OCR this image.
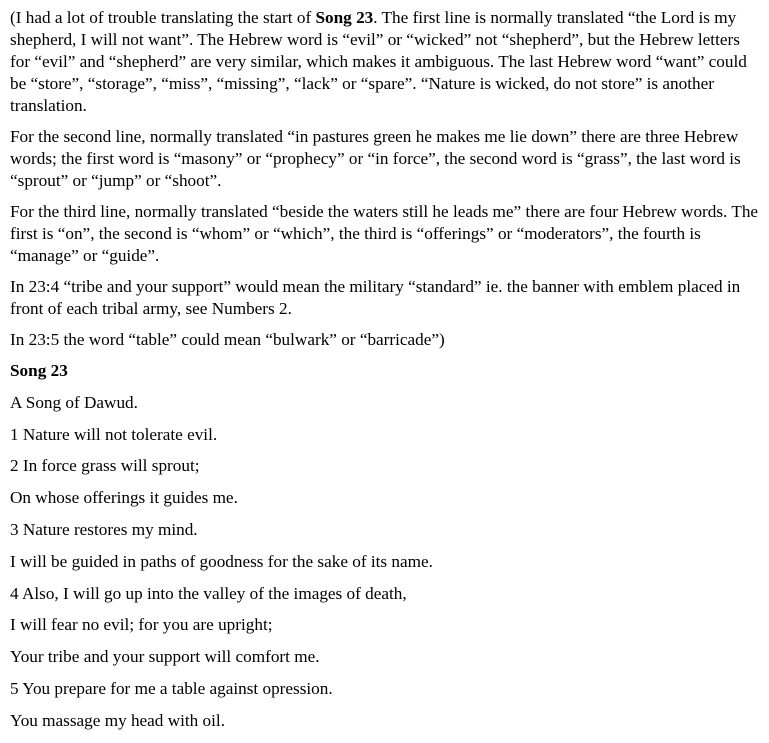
(I had a lot of trouble translating the start of Song 23. The first line is normally translated “the Lord is my shepherd, I will not want”. The Hebrew word is “evil” or “wicked” not “shepherd”, but the Hebrew letters for “evil” and “shepherd” are very similar, which makes it ambiguous. The last Hebrew word “want” could be “store”, “storage”, “miss”, “missing”, “lack” or “spare”. “Nature is wicked, do not store” is another translation.

For the second line, normally translated “in pastures green he makes me lie down” there are three Hebrew words; the first word is “masony” or “prophecy” or “in force”, the second word is “grass”, the last word is “sprout” or “jump” or “shoot”.

For the third line, normally translated “beside the waters still he leads me” there are four Hebrew words. The first is “on”, the second is “whom” or “which”, the third is “offerings” or “moderators”, the fourth is “manage” or “guide”.

In 23:4 “tribe and your support” would mean the military “standard” ie. the banner with emblem placed in front of each tribal army, see Numbers 2.

In 23:5 the word “table” could mean “bulwark” or “barricade”)

Song 23

A Song of Dawud.

1 Nature will not tolerate evil.

2 In force grass will sprout;

On whose offerings it guides me.

3 Nature restores my mind.

I will be guided in paths of goodness for the sake of its name.

4 Also, I will go up into the valley of the images of death,

I will fear no evil; for you are upright;

Your tribe and your support will comfort me.

5 You prepare for me a table against opression.

You massage my head with oil.
